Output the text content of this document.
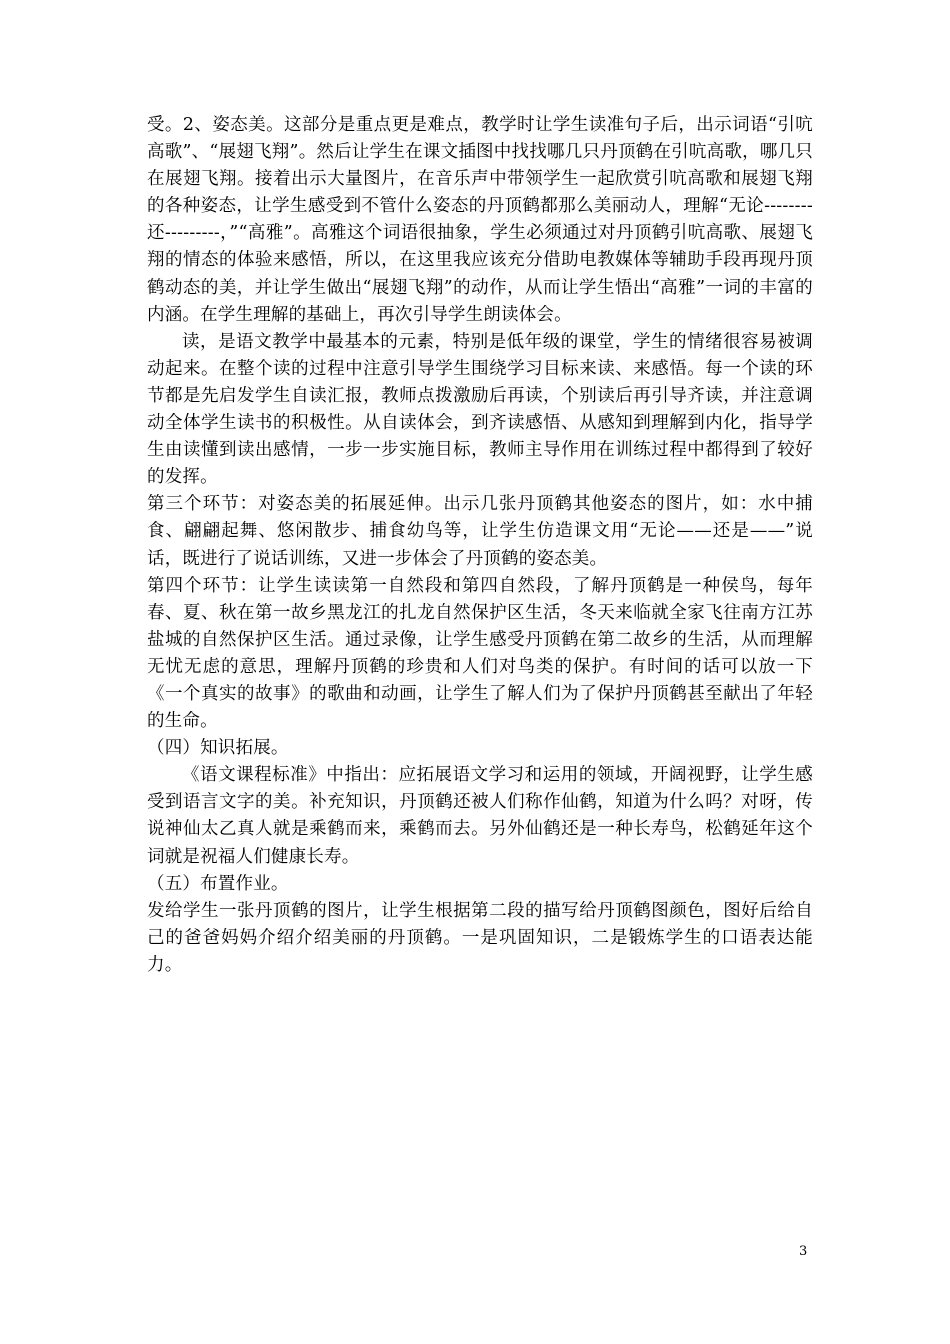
受。2、姿态美。这部分是重点更是难点，教学时让学生读准句子后，出示词语“引吭高歌”、“展翅飞翔”。然后让学生在课文插图中找找哪几只丹顶鹤在引吭高歌，哪几只在展翅飞翔。接着出示大量图片，在音乐声中带领学生一起欣赏引吭高歌和展翅飞翔的各种姿态，让学生感受到不管什么姿态的丹顶鹤都那么美丽动人，理解“无论--------还---------，”“高雅”。高雅这个词语很抽象，学生必须通过对丹顶鹤引吭高歌、展翅飞翔的情态的体验来感悟，所以，在这里我应该充分借助电教媒体等辅助手段再现丹顶鹤动态的美，并让学生做出“展翅飞翔”的动作，从而让学生悟出“高雅”一词的丰富的内涵。在学生理解的基础上，再次引导学生朗读体会。

读，是语文教学中最基本的元素，特别是低年级的课堂，学生的情绪很容易被调动起来。在整个读的过程中注意引导学生围绕学习目标来读、来感悟。每一个读的环节都是先启发学生自读汇报，教师点拨激励后再读，个别读后再引导齐读，并注意调动全体学生读书的积极性。从自读体会，到齐读感悟、从感知到理解到内化，指导学生由读懂到读出感情，一步一步实施目标，教师主导作用在训练过程中都得到了较好的发挥。

第三个环节：对姿态美的拓展延伸。出示几张丹顶鹤其他姿态的图片，如：水中捕食、翩翩起舞、悠闲散步、捕食幼鸟等，让学生仿造课文用“无论——还是——”说话，既进行了说话训练，又进一步体会了丹顶鹤的姿态美。

第四个环节：让学生读读第一自然段和第四自然段，了解丹顶鹤是一种侯鸟，每年春、夏、秋在第一故乡黑龙江的扎龙自然保护区生活，冬天来临就全家飞往南方江苏盐城的自然保护区生活。通过录像，让学生感受丹顶鹤在第二故乡的生活，从而理解无忧无虑的意思，理解丹顶鹤的珍贵和人们对鸟类的保护。有时间的话可以放一下《一个真实的故事》的歌曲和动画，让学生了解人们为了保护丹顶鹤甚至献出了年轻的生命。

（四）知识拓展。

《语文课程标准》中指出：应拓展语文学习和运用的领域，开阔视野，让学生感受到语言文字的美。补充知识，丹顶鹤还被人们称作仙鹤，知道为什么吗？对呀，传说神仙太乙真人就是乘鹤而来，乘鹤而去。另外仙鹤还是一种长寿鸟，松鹤延年这个词就是祝福人们健康长寿。

（五）布置作业。

发给学生一张丹顶鹤的图片，让学生根据第二段的描写给丹顶鹤图颜色，图好后给自己的爸爸妈妈介绍介绍美丽的丹顶鹤。一是巩固知识，二是锻炼学生的口语表达能力。

3
